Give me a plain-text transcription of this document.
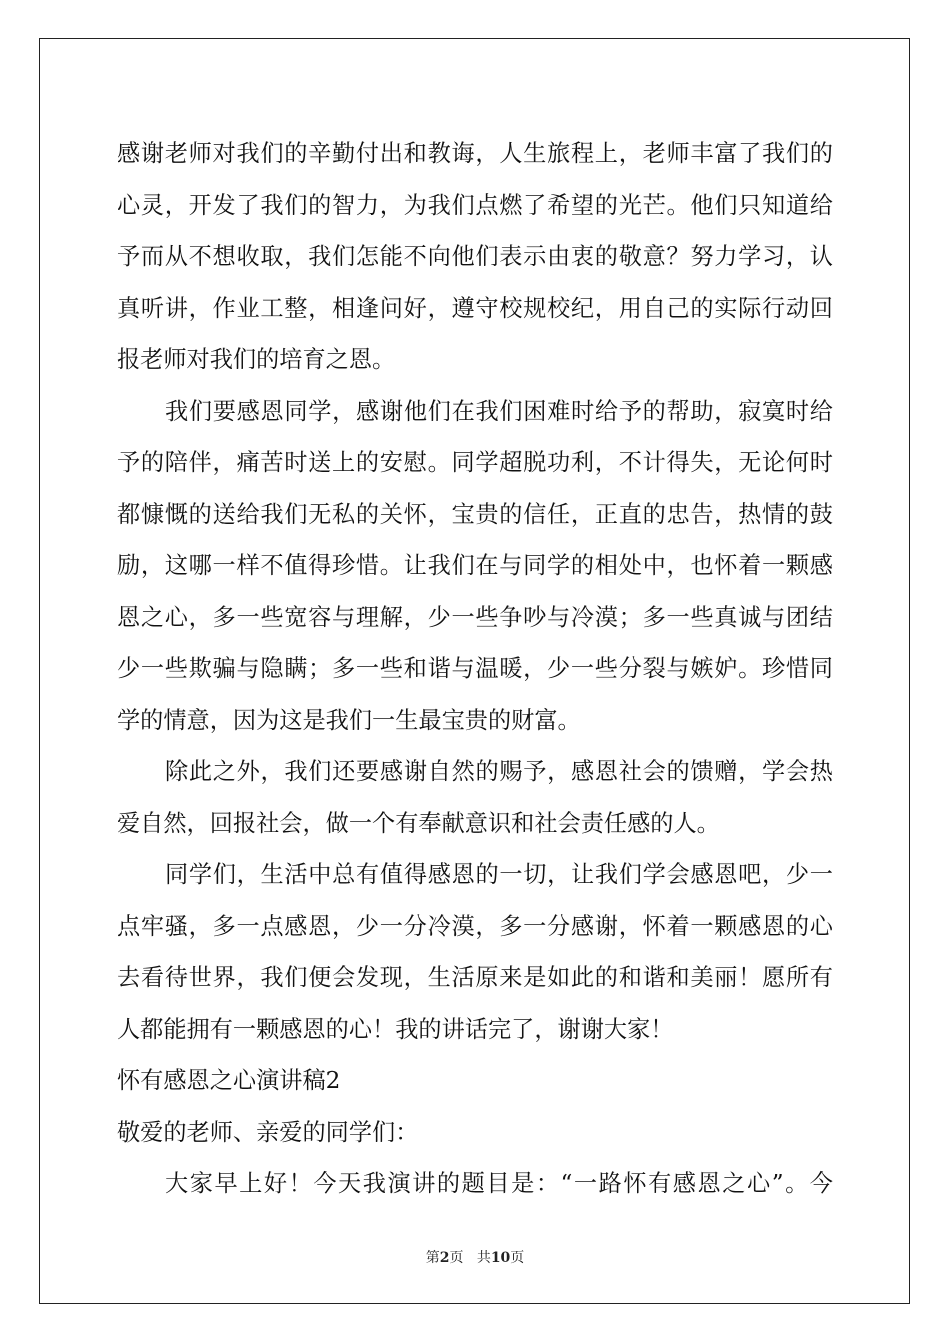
感谢老师对我们的辛勤付出和教诲，人生旅程上，老师丰富了我们的
心灵，开发了我们的智力，为我们点燃了希望的光芒。他们只知道给
予而从不想收取，我们怎能不向他们表示由衷的敬意？努力学习，认
真听讲，作业工整，相逢问好，遵守校规校纪，用自己的实际行动回
报老师对我们的培育之恩。
我们要感恩同学，感谢他们在我们困难时给予的帮助，寂寞时给
予的陪伴，痛苦时送上的安慰。同学超脱功利，不计得失，无论何时
都慷慨的送给我们无私的关怀，宝贵的信任，正直的忠告，热情的鼓
励，这哪一样不值得珍惜。让我们在与同学的相处中，也怀着一颗感
恩之心，多一些宽容与理解，少一些争吵与冷漠；多一些真诚与团结
少一些欺骗与隐瞒；多一些和谐与温暖，少一些分裂与嫉妒。珍惜同
学的情意，因为这是我们一生最宝贵的财富。
除此之外，我们还要感谢自然的赐予，感恩社会的馈赠，学会热
爱自然，回报社会，做一个有奉献意识和社会责任感的人。
同学们，生活中总有值得感恩的一切，让我们学会感恩吧，少一
点牢骚，多一点感恩，少一分冷漠，多一分感谢，怀着一颗感恩的心
去看待世界，我们便会发现，生活原来是如此的和谐和美丽！愿所有
人都能拥有一颗感恩的心！我的讲话完了，谢谢大家！
怀有感恩之心演讲稿2
敬爱的老师、亲爱的同学们：
大家早上好！今天我演讲的题目是：“一路怀有感恩之心”。今
第2页 共10页
